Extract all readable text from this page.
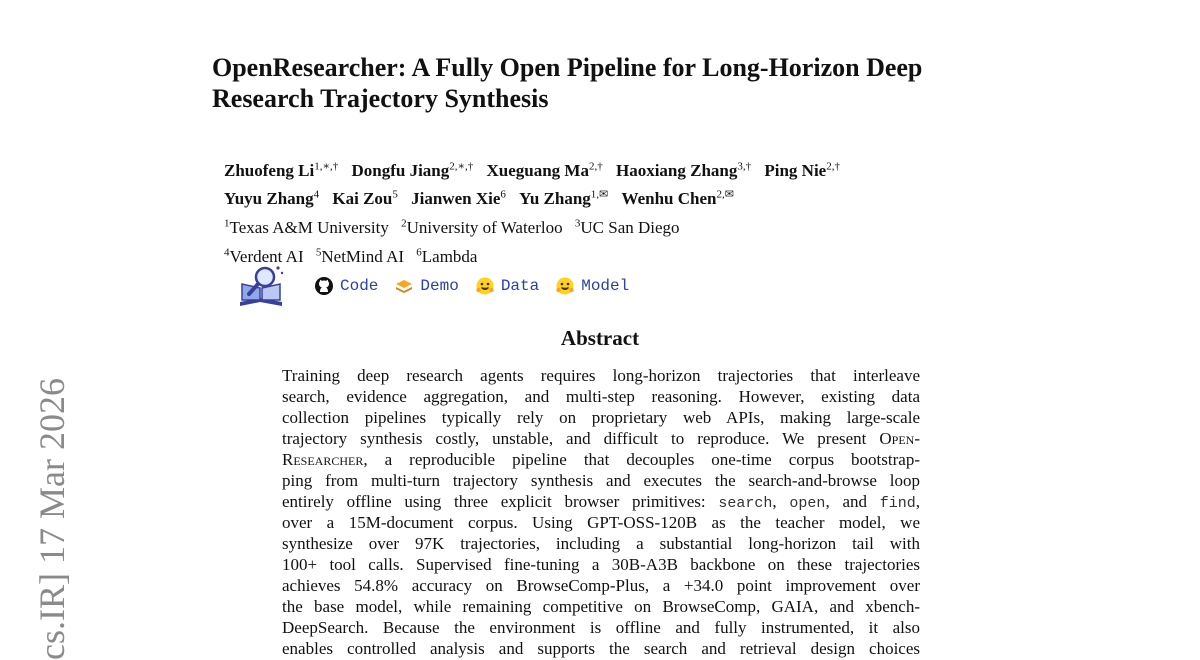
cs.IR] 17 Mar 2026
OpenResearcher: A Fully Open Pipeline for Long-Horizon Deep
Research Trajectory Synthesis
Zhuofeng $Li^{1,∗,\dagger}$ Dongfu Jiang$^{2,∗,\dagger}$ Xueguang $Ma^{2,\dagger}$ Haoxiang Zhang$^{3,\dagger}$ Ping Nie$^{2,\dagger}$
Yuyu Zhang$^4$ Kai Zou$^5$ Jianwen Xie$^6$ Yu Zhang$^{1,✉}$ Wenhu Chen$^{2,✉}$
$^1$Texas A&M University $^2$University of Waterloo $^3$UC San Diego
$^4$Verdent AI $^5$NetMind AI $^6$Lambda
Code	Demo	Data	Model
Abstract
Training deep research agents requires long-horizon trajectories that interleave
search, evidence aggregation, and multi-step reasoning. However, existing data
collection pipelines typically rely on proprietary web APIs, making large-scale
trajectory synthesis costly, unstable, and difficult to reproduce. We present Open-
Researcher, a reproducible pipeline that decouples one-time corpus bootstrap-
ping from multi-turn trajectory synthesis and executes the search-and-browse loop
entirely offline using three explicit browser primitives: search, open, and find,
over a 15M-document corpus. Using GPT-OSS-120B as the teacher model, we
synthesize over 97K trajectories, including a substantial long-horizon tail with
100+ tool calls. Supervised fine-tuning a 30B-A3B backbone on these trajectories
achieves 54.8% accuracy on BrowseComp-Plus, a +34.0 point improvement over
the base model, while remaining competitive on BrowseComp, GAIA, and xbench-
DeepSearch. Because the environment is offline and fully instrumented, it also
enables controlled analysis and supports the search and retrieval design choices
